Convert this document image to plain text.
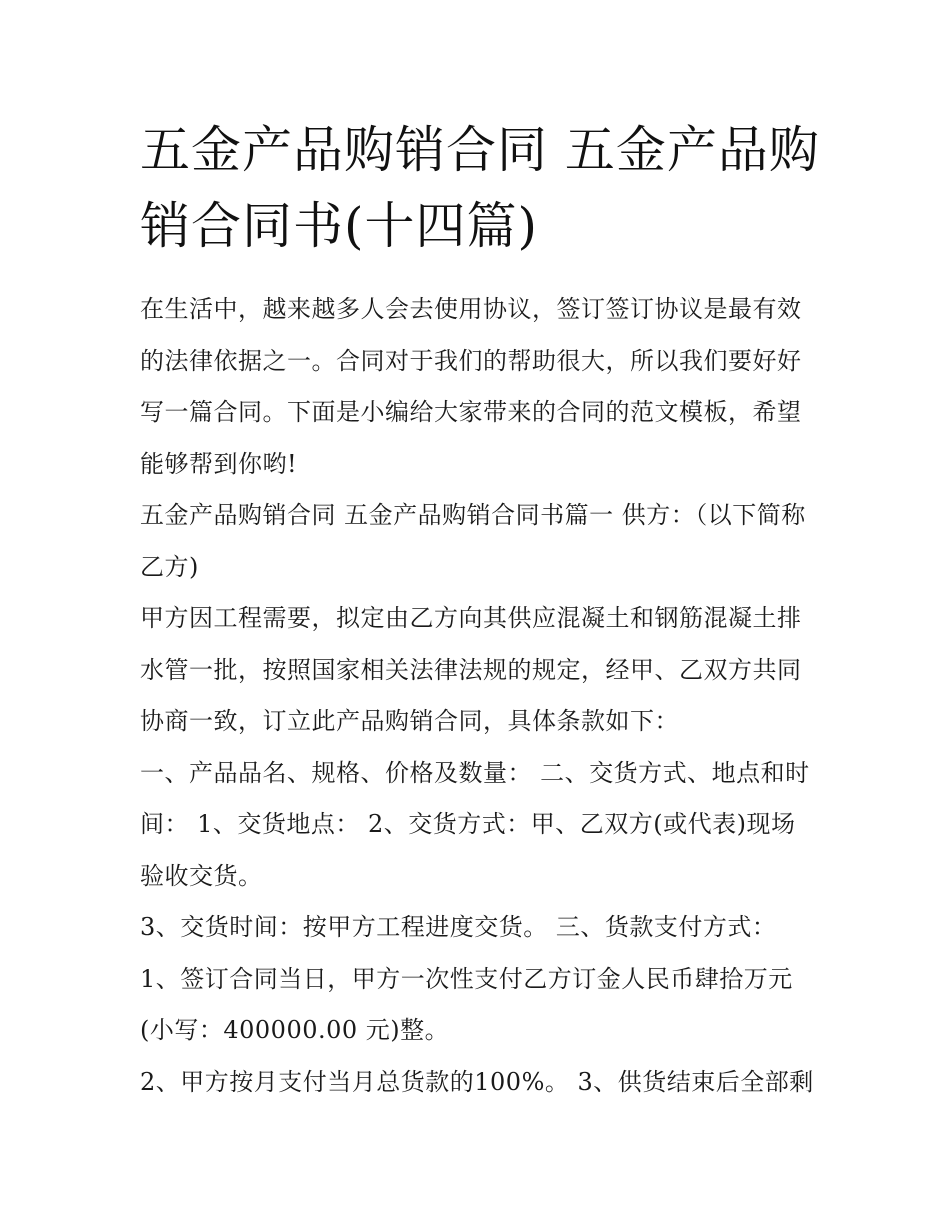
五金产品购销合同 五金产品购销合同书(十四篇)

在生活中，越来越多人会去使用协议，签订签订协议是最有效的法律依据之一。合同对于我们的帮助很大，所以我们要好好写一篇合同。下面是小编给大家带来的合同的范文模板，希望能够帮到你哟!

五金产品购销合同 五金产品购销合同书篇一 供方：（以下简称乙方)

甲方因工程需要，拟定由乙方向其供应混凝土和钢筋混凝土排水管一批，按照国家相关法律法规的规定，经甲、乙双方共同协商一致，订立此产品购销合同，具体条款如下：

一、产品品名、规格、价格及数量： 二、交货方式、地点和时间： 1、交货地点： 2、交货方式：甲、乙双方(或代表)现场验收交货。

3、交货时间：按甲方工程进度交货。 三、货款支付方式：

1、签订合同当日，甲方一次性支付乙方订金人民币肆拾万元(小写：400000.00 元)整。

2、甲方按月支付当月总货款的100%。 3、供货结束后全部剩
